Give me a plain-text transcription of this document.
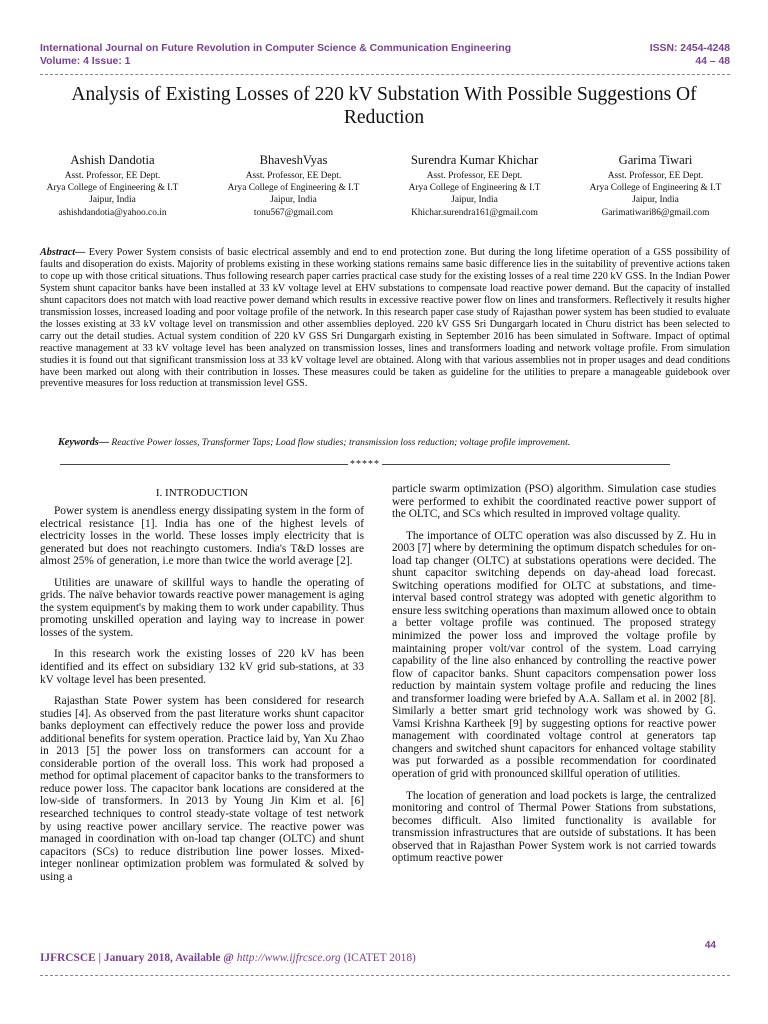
International Journal on Future Revolution in Computer Science & Communication Engineering
Volume: 4 Issue: 1
ISSN: 2454-4248
44 – 48
Analysis of Existing Losses of 220 kV Substation With Possible Suggestions Of Reduction
Ashish Dandotia
Asst. Professor, EE Dept.
Arya College of Engineering & I.T
Jaipur, India
ashishdandotia@yahoo.co.in
BhaveshVyas
Asst. Professor, EE Dept.
Arya College of Engineering & I.T
Jaipur, India
tonu567@gmail.com
Surendra Kumar Khichar
Asst. Professor, EE Dept.
Arya College of Engineering & I.T
Jaipur, India
Khichar.surendra161@gmail.com
Garima Tiwari
Asst. Professor, EE Dept.
Arya College of Engineering & I.T
Jaipur, India
Garimatiwari86@gmail.com
Abstract— Every Power System consists of basic electrical assembly and end to end protection zone. But during the long lifetime operation of a GSS possibility of faults and disoperation do exists. Majority of problems existing in these working stations remains same basic difference lies in the suitability of preventive actions taken to cope up with those critical situations. Thus following research paper carries practical case study for the existing losses of a real time 220 kV GSS. In the Indian Power System shunt capacitor banks have been installed at 33 kV voltage level at EHV substations to compensate load reactive power demand. But the capacity of installed shunt capacitors does not match with load reactive power demand which results in excessive reactive power flow on lines and transformers. Reflectively it results higher transmission losses, increased loading and poor voltage profile of the network. In this research paper case study of Rajasthan power system has been studied to evaluate the losses existing at 33 kV voltage level on transmission and other assemblies deployed. 220 kV GSS Sri Dungargarh located in Churu district has been selected to carry out the detail studies. Actual system condition of 220 kV GSS Sri Dungargarh existing in September 2016 has been simulated in Software. Impact of optimal reactive management at 33 kV voltage level has been analyzed on transmission losses, lines and transformers loading and network voltage profile. From simulation studies it is found out that significant transmission loss at 33 kV voltage level are obtained. Along with that various assemblies not in proper usages and dead conditions have been marked out along with their contribution in losses. These measures could be taken as guideline for the utilities to prepare a manageable guidebook over preventive measures for loss reduction at transmission level GSS.
Keywords— Reactive Power losses, Transformer Taps; Load flow studies; transmission loss reduction; voltage profile improvement.
*****
I. INTRODUCTION

Power system is anendless energy dissipating system in the form of electrical resistance [1]. India has one of the highest levels of electricity losses in the world. These losses imply electricity that is generated but does not reachingto customers. India's T&D losses are almost 25% of generation, i.e more than twice the world average [2].

Utilities are unaware of skillful ways to handle the operating of grids. The naïve behavior towards reactive power management is aging the system equipment's by making them to work under capability. Thus promoting unskilled operation and laying way to increase in power losses of the system.

In this research work the existing losses of 220 kV has been identified and its effect on subsidiary 132 kV grid sub-stations, at 33 kV voltage level has been presented.

Rajasthan State Power system has been considered for research studies [4]. As observed from the past literature works shunt capacitor banks deployment can effectively reduce the power loss and provide additional benefits for system operation. Practice laid by, Yan Xu Zhao in 2013 [5] the power loss on transformers can account for a considerable portion of the overall loss. This work had proposed a method for optimal placement of capacitor banks to the transformers to reduce power loss. The capacitor bank locations are considered at the low-side of transformers. In 2013 by Young Jin Kim et al. [6] researched techniques to control steady-state voltage of test network by using reactive power ancillary service. The reactive power was managed in coordination with on-load tap changer (OLTC) and shunt capacitors (SCs) to reduce distribution line power losses. Mixed-integer nonlinear optimization problem was formulated & solved by using a

particle swarm optimization (PSO) algorithm. Simulation case studies were performed to exhibit the coordinated reactive power support of the OLTC, and SCs which resulted in improved voltage quality.

The importance of OLTC operation was also discussed by Z. Hu in 2003 [7] where by determining the optimum dispatch schedules for on-load tap changer (OLTC) at substations operations were decided. The shunt capacitor switching depends on day-ahead load forecast. Switching operations modified for OLTC at substations, and time-interval based control strategy was adopted with genetic algorithm to ensure less switching operations than maximum allowed once to obtain a better voltage profile was continued. The proposed strategy minimized the power loss and improved the voltage profile by maintaining proper volt/var control of the system. Load carrying capability of the line also enhanced by controlling the reactive power flow of capacitor banks. Shunt capacitors compensation power loss reduction by maintain system voltage profile and reducing the lines and transformer loading were briefed by A.A. Sallam et al. in 2002 [8]. Similarly a better smart grid technology work was showed by G. Vamsi Krishna Kartheek [9] by suggesting options for reactive power management with coordinated voltage control at generators tap changers and switched shunt capacitors for enhanced voltage stability was put forwarded as a possible recommendation for coordinated operation of grid with pronounced skillful operation of utilities.

The location of generation and load pockets is large, the centralized monitoring and control of Thermal Power Stations from substations, becomes difficult. Also limited functionality is available for transmission infrastructures that are outside of substations. It has been observed that in Rajasthan Power System work is not carried towards optimum reactive power

44
IJFRCSCE | January 2018, Available @ http://www.ijfrcsce.org (ICATET 2018)
